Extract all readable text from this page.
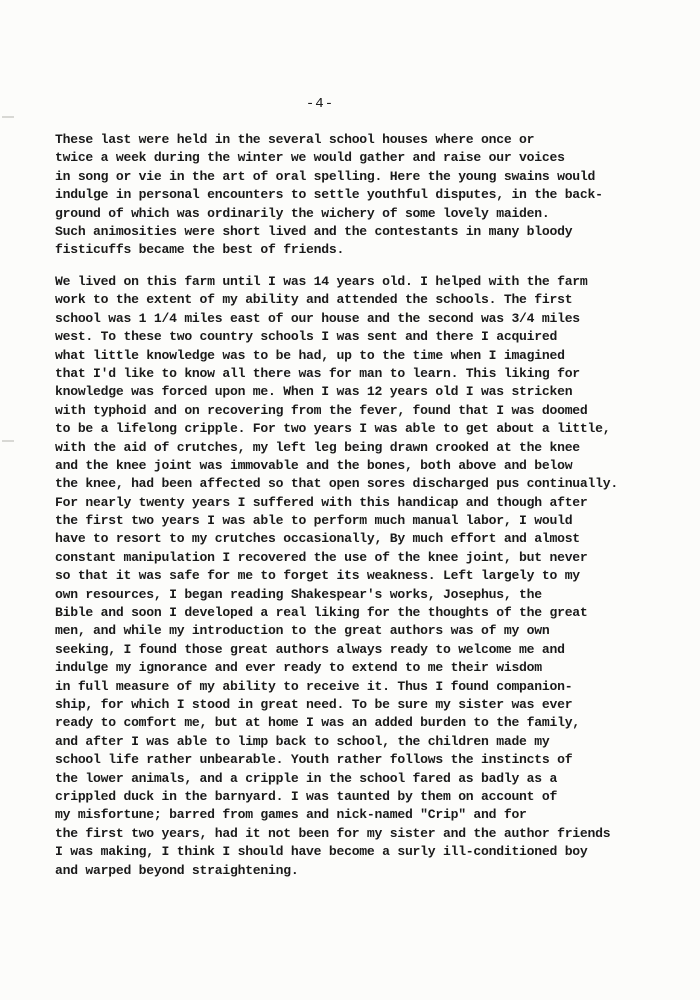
-4-
These last were held in the several school houses where once or
twice a week during the winter we would gather and raise our voices
in song or vie in the art of oral spelling. Here the young swains would
indulge in personal encounters to settle youthful disputes, in the back-
ground of which was ordinarily the wichery of some lovely maiden.
Such animosities were short lived and the contestants in many bloody
fisticuffs became the best of friends.
We lived on this farm until I was 14 years old. I helped with the farm
work to the extent of my ability and attended the schools. The first
school was 1 1/4 miles east of our house and the second was 3/4 miles
west. To these two country schools I was sent and there I acquired
what little knowledge was to be had, up to the time when I imagined
that I'd like to know all there was for man to learn. This liking for
knowledge was forced upon me. When I was 12 years old I was stricken
with typhoid and on recovering from the fever, found that I was doomed
to be a lifelong cripple. For two years I was able to get about a little,
with the aid of crutches, my left leg being drawn crooked at the knee
and the knee joint was immovable and the bones, both above and below
the knee, had been affected so that open sores discharged pus continually.
For nearly twenty years I suffered with this handicap and though after
the first two years I was able to perform much manual labor, I would
have to resort to my crutches occasionally, By much effort and almost
constant manipulation I recovered the use of the knee joint, but never
so that it was safe for me to forget its weakness. Left largely to my
own resources, I began reading Shakespear's works, Josephus, the
Bible and soon I developed a real liking for the thoughts of the great
men, and while my introduction to the great authors was of my own
seeking, I found those great authors always ready to welcome me and
indulge my ignorance and ever ready to extend to me their wisdom
in full measure of my ability to receive it. Thus I found companion-
ship, for which I stood in great need. To be sure my sister was ever
ready to comfort me, but at home I was an added burden to the family,
and after I was able to limp back to school, the children made my
school life rather unbearable. Youth rather follows the instincts of
the lower animals, and a cripple in the school fared as badly as a
crippled duck in the barnyard. I was taunted by them on account of
my misfortune; barred from games and nick-named "Crip" and for
the first two years, had it not been for my sister and the author friends
I was making, I think I should have become a surly ill-conditioned boy
and warped beyond straightening.
